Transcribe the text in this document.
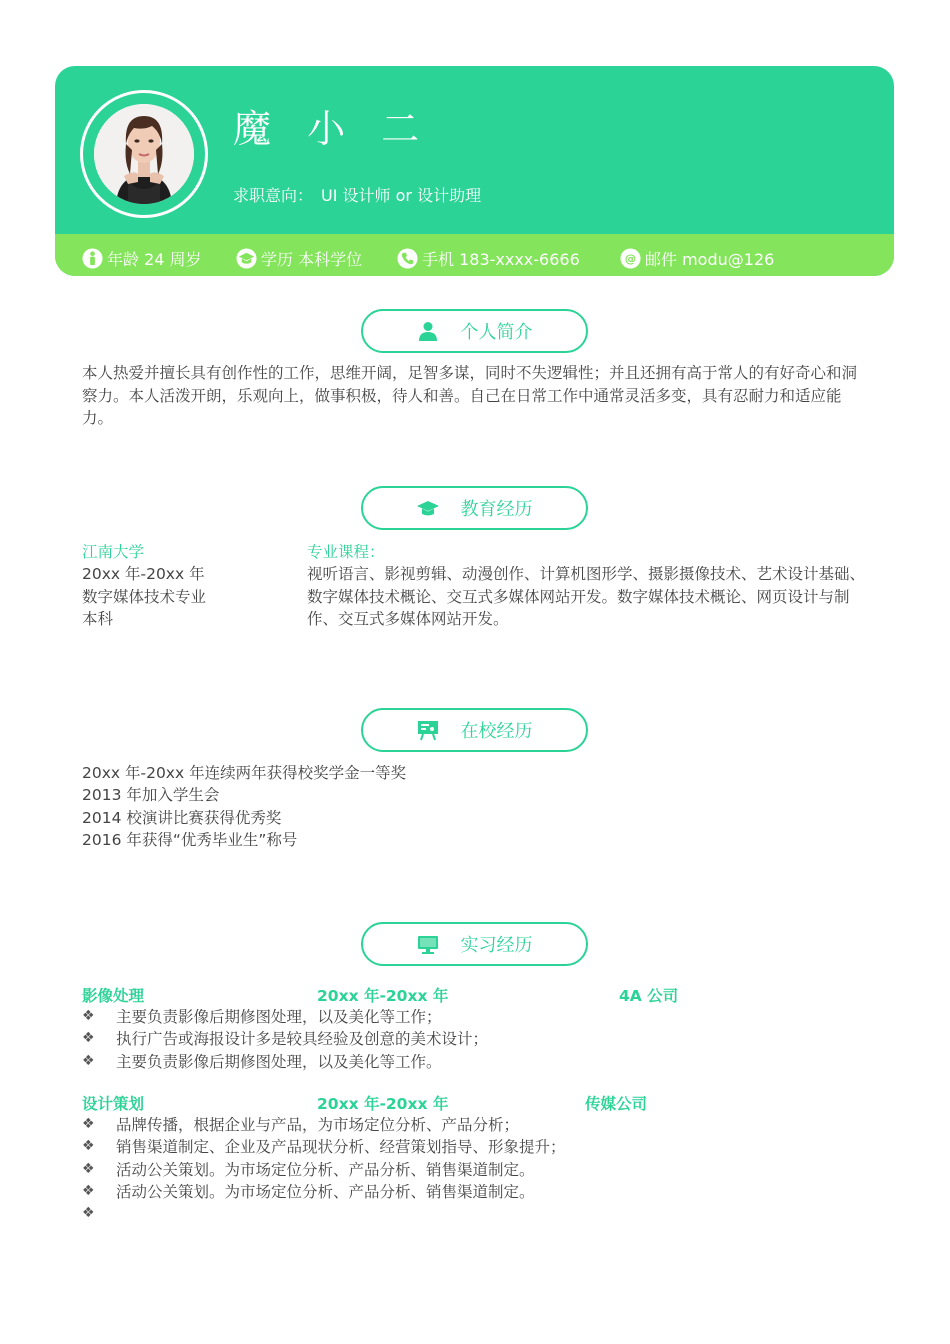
魔 小 二
求职意向： UI 设计师 or 设计助理
年龄 24 周岁	学历 本科学位	手机 183-xxxx-6666	@ 邮件 modu@126
个人简介
本人热爱并擅长具有创作性的工作，思维开阔，足智多谋，同时不失逻辑性；并且还拥有高于常人的有好奇心和洞察力。本人活泼开朗，乐观向上，做事积极，待人和善。自己在日常工作中通常灵活多变，具有忍耐力和适应能力。
教育经历
江南大学
20xx 年-20xx 年
数字媒体技术专业
本科
专业课程：
视听语言、影视剪辑、动漫创作、计算机图形学、摄影摄像技术、艺术设计基础、数字媒体技术概论、交互式多媒体网站开发。数字媒体技术概论、网页设计与制作、交互式多媒体网站开发。
在校经历
20xx 年-20xx 年连续两年获得校奖学金一等奖
2013 年加入学生会
2014 校演讲比赛获得优秀奖
2016 年获得“优秀毕业生”称号
实习经历
影像处理	20xx 年-20xx 年	4A 公司
❖	主要负责影像后期修图处理，以及美化等工作；
❖	执行广告或海报设计多是较具经验及创意的美术设计；
❖	主要负责影像后期修图处理，以及美化等工作。
设计策划	20xx 年-20xx 年	传媒公司
❖	品牌传播，根据企业与产品，为市场定位分析、产品分析；
❖	销售渠道制定、企业及产品现状分析、经营策划指导、形象提升；
❖	活动公关策划。为市场定位分析、产品分析、销售渠道制定。
❖	活动公关策划。为市场定位分析、产品分析、销售渠道制定。
❖
